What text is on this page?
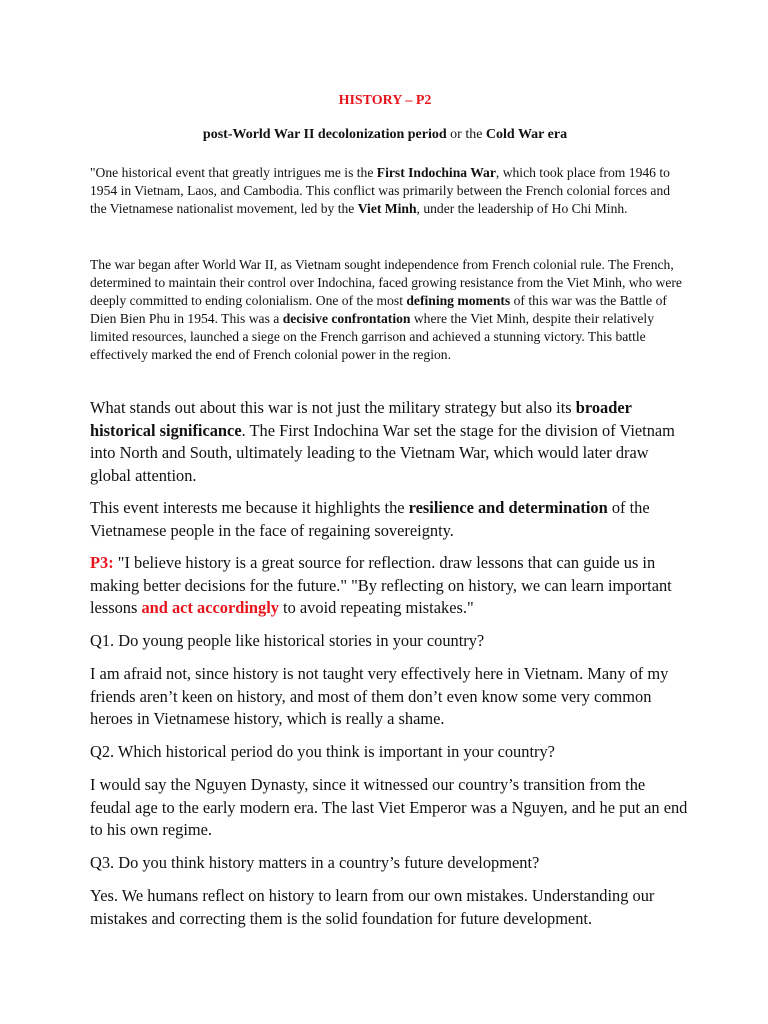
HISTORY – P2
post-World War II decolonization period or the Cold War era

"One historical event that greatly intrigues me is the First Indochina War, which took place from 1946 to 1954 in Vietnam, Laos, and Cambodia. This conflict was primarily between the French colonial forces and the Vietnamese nationalist movement, led by the Viet Minh, under the leadership of Ho Chi Minh.

The war began after World War II, as Vietnam sought independence from French colonial rule. The French, determined to maintain their control over Indochina, faced growing resistance from the Viet Minh, who were deeply committed to ending colonialism. One of the most defining moments of this war was the Battle of Dien Bien Phu in 1954. This was a decisive confrontation where the Viet Minh, despite their relatively limited resources, launched a siege on the French garrison and achieved a stunning victory. This battle effectively marked the end of French colonial power in the region.

What stands out about this war is not just the military strategy but also its broader historical significance. The First Indochina War set the stage for the division of Vietnam into North and South, ultimately leading to the Vietnam War, which would later draw global attention.

This event interests me because it highlights the resilience and determination of the Vietnamese people in the face of regaining sovereignty.

P3: "I believe history is a great source for reflection. draw lessons that can guide us in making better decisions for the future." "By reflecting on history, we can learn important lessons and act accordingly to avoid repeating mistakes."

Q1. Do young people like historical stories in your country?

I am afraid not, since history is not taught very effectively here in Vietnam. Many of my friends aren’t keen on history, and most of them don’t even know some very common heroes in Vietnamese history, which is really a shame.

Q2. Which historical period do you think is important in your country?

I would say the Nguyen Dynasty, since it witnessed our country’s transition from the feudal age to the early modern era. The last Viet Emperor was a Nguyen, and he put an end to his own regime.

Q3. Do you think history matters in a country’s future development?

Yes. We humans reflect on history to learn from our own mistakes. Understanding our mistakes and correcting them is the solid foundation for future development.
